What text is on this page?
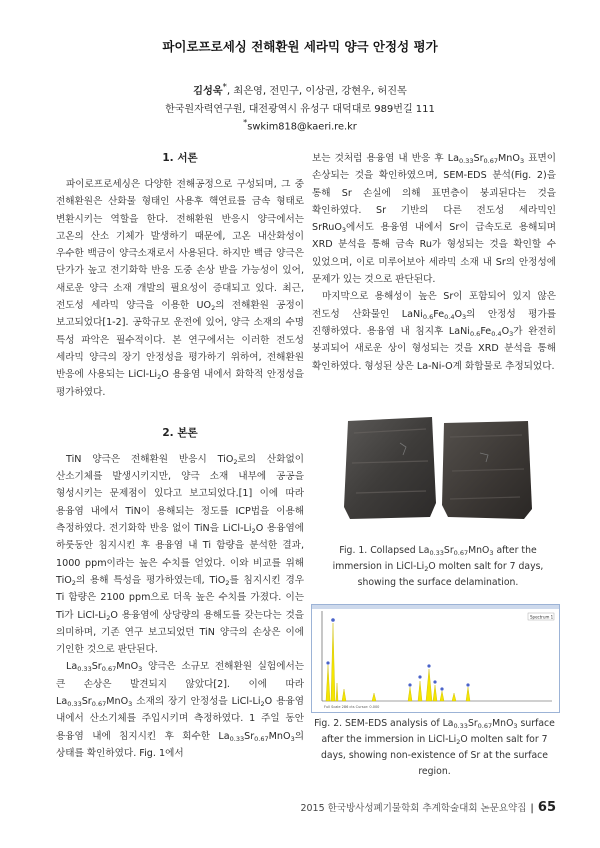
파이로프로세싱 전해환원 세라믹 양극 안정성 평가
김성욱*, 최은영, 전민구, 이상권, 강현우, 허진목
한국원자력연구원, 대전광역시 유성구 대덕대로 989번길 111
*swkim818@kaeri.re.kr

1. 서론

파이로프로세싱은 다양한 전해공정으로 구성되며, 그 중 전해환원은 산화물 형태인 사용후 핵연료를 금속 형태로 변환시키는 역할을 한다. 전해환원 반응시 양극에서는 고온의 산소 기체가 발생하기 때문에, 고온 내산화성이 우수한 백금이 양극소재로서 사용된다. 하지만 백금 양극은 단가가 높고 전기화학 반응 도중 손상 받을 가능성이 있어, 새로운 양극 소재 개발의 필요성이 증대되고 있다. 최근, 전도성 세라믹 양극을 이용한 $UO_2$의 전해환원 공정이 보고되었다[1-2]. 공학규모 운전에 있어, 양극 소재의 수명 특성 파악은 필수적이다. 본 연구에서는 이러한 전도성 세라믹 양극의 장기 안정성을 평가하기 위하여, 전해환원 반응에 사용되는 LiCl-$Li_2O$ 용융염 내에서 화학적 안정성을 평가하였다.

2. 본론

TiN 양극은 전해환원 반응시 TiO$_2$로의 산화없이 산소기체를 발생시키지만, 양극 소재 내부에 공공을 형성시키는 문제점이 있다고 보고되었다.[1] 이에 따라 용융염 내에서 TiN이 용해되는 정도를 ICP법을 이용해 측정하였다. 전기화학 반응 없이 TiN을 LiCl-$Li_2O$ 용융염에 하룻동안 침지시킨 후 용융염 내 Ti 함량을 분석한 결과, 1000 ppm이라는 높은 수치를 얻었다. 이와 비교를 위해 TiO$_2$의 용해 특성을 평가하였는데, TiO$_2$를 침지시킨 경우 Ti 함량은 2100 ppm으로 더욱 높은 수치를 가졌다. 이는 Ti가 LiCl-$Li_2O$ 용융염에 상당량의 용해도를 갖는다는 것을 의미하며, 기존 연구 보고되었던 TiN 양극의 손상은 이에 기인한 것으로 판단된다.

$La_{0.33}Sr_{0.67}MnO_3$ 양극은 소규모 전해환원 실험에서는 큰 손상은 발견되지 않았다[2]. 이에 따라 $La_{0.33}Sr_{0.67}MnO_3$ 소재의 장기 안정성을 LiCl-$Li_2O$ 용융염 내에서 산소기체를 주입시키며 측정하였다. 1 주일 동안 용융염 내에 침지시킨 후 회수한 $La_{0.33}Sr_{0.67}MnO_3$의 상태를 확인하였다. Fig. 1에서

보는 것처럼 용융염 내 반응 후 $La_{0.33}Sr_{0.67}MnO_3$ 표면이 손상되는 것을 확인하였으며, SEM-EDS 분석(Fig. 2)을 통해 Sr 손실에 의해 표면층이 붕괴된다는 것을 확인하였다. Sr 기반의 다른 전도성 세라믹인 SrRuO$_3$에서도 용융염 내에서 Sr이 급속도로 용해되며 XRD 분석을 통해 금속 Ru가 형성되는 것을 확인할 수 있었으며, 이로 미루어보아 세라믹 소재 내 Sr의 안정성에 문제가 있는 것으로 판단된다.

마지막으로 용해성이 높은 Sr이 포함되어 있지 않은 전도성 산화물인 $LaNi_{0.6}Fe_{0.4}O_3$의 안정성 평가를 진행하였다. 용융염 내 침지후 $LaNi_{0.6}Fe_{0.4}O_3$가 완전히 붕괴되어 새로운 상이 형성되는 것을 XRD 분석을 통해 확인하였다. 형성된 상은 La-Ni-O계 화합물로 추정되었다.

Fig. 1. Collapsed $La_{0.33}Sr_{0.67}MnO_3$ after the immersion in LiCl-$Li_2O$ molten salt for 7 days, showing the surface delamination.
Spectrum 1
Full Scale 286 cts Cursor: 0.000
Fig. 2. SEM-EDS analysis of $La_{0.33}Sr_{0.67}MnO_3$ surface after the immersion in LiCl-$Li_2O$ molten salt for 7 days, showing non-existence of Sr at the surface region.
2015 한국방사성폐기물학회 추계학술대회 논문요약집 | 65
